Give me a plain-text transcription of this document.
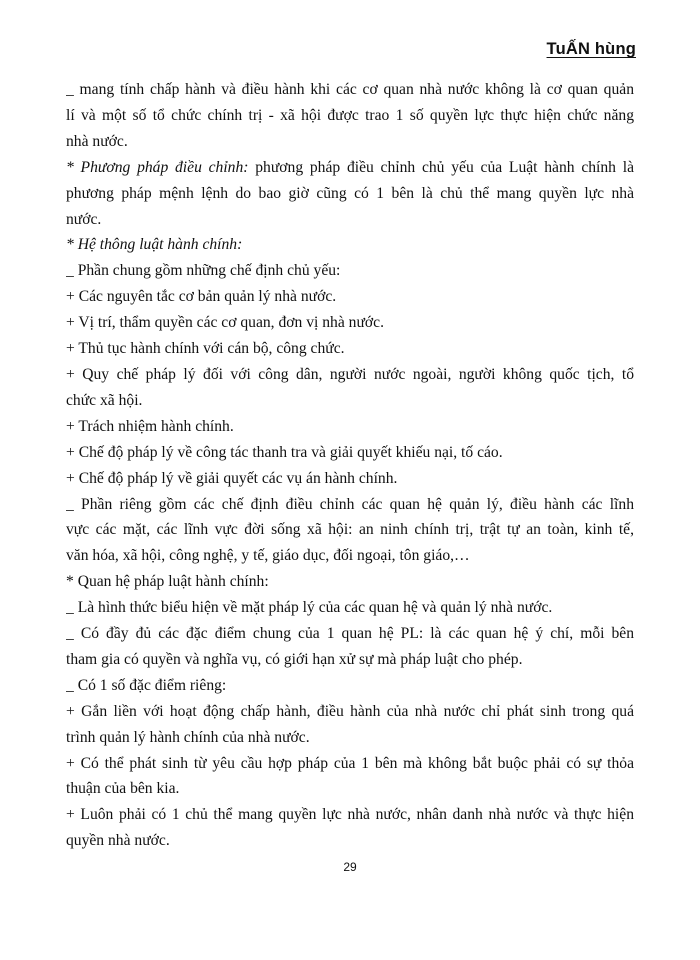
TuẤN hùng
_ mang tính chấp hành và điều hành khi các cơ quan nhà nước không là cơ quan quản
lí và một số tổ chức chính trị - xã hội được trao 1 số quyền lực thực hiện chức năng
nhà nước.
* Phương pháp điều chỉnh: phương pháp điều chỉnh chủ yếu của Luật hành chính là
phương pháp mệnh lệnh do bao giờ cũng có 1 bên là chủ thể mang quyền lực nhà
nước.
* Hệ thông luật hành chính:
_ Phần chung gồm những chế định chủ yếu:
+ Các nguyên tắc cơ bản quản lý nhà nước.
+ Vị trí, thẩm quyền các cơ quan, đơn vị nhà nước.
+ Thủ tục hành chính với cán bộ, công chức.
+ Quy chế pháp lý đối với công dân, người nước ngoài, người không quốc tịch, tổ
chức xã hội.
+ Trách nhiệm hành chính.
+ Chế độ pháp lý về công tác thanh tra và giải quyết khiếu nại, tố cáo.
+ Chế độ pháp lý về giải quyết các vụ án hành chính.
_ Phần riêng gồm các chế định điều chỉnh các quan hệ quản lý, điều hành các lĩnh
vực các mặt, các lĩnh vực đời sống xã hội: an ninh chính trị, trật tự an toàn, kinh tế,
văn hóa, xã hội, công nghệ, y tế, giáo dục, đối ngoại, tôn giáo,…
* Quan hệ pháp luật hành chính:
_ Là hình thức biểu hiện về mặt pháp lý của các quan hệ và quản lý nhà nước.
_ Có đầy đủ các đặc điểm chung của 1 quan hệ PL: là các quan hệ ý chí, mỗi bên
tham gia có quyền và nghĩa vụ, có giới hạn xử sự mà pháp luật cho phép.
_ Có 1 số đặc điểm riêng:
+ Gắn liền với hoạt động chấp hành, điều hành của nhà nước chỉ phát sinh trong quá
trình quản lý hành chính của nhà nước.
+ Có thể phát sinh từ yêu cầu hợp pháp của 1 bên mà không bắt buộc phải có sự thỏa
thuận của bên kia.
+ Luôn phải có 1 chủ thể mang quyền lực nhà nước, nhân danh nhà nước và thực hiện
quyền nhà nước.
29
